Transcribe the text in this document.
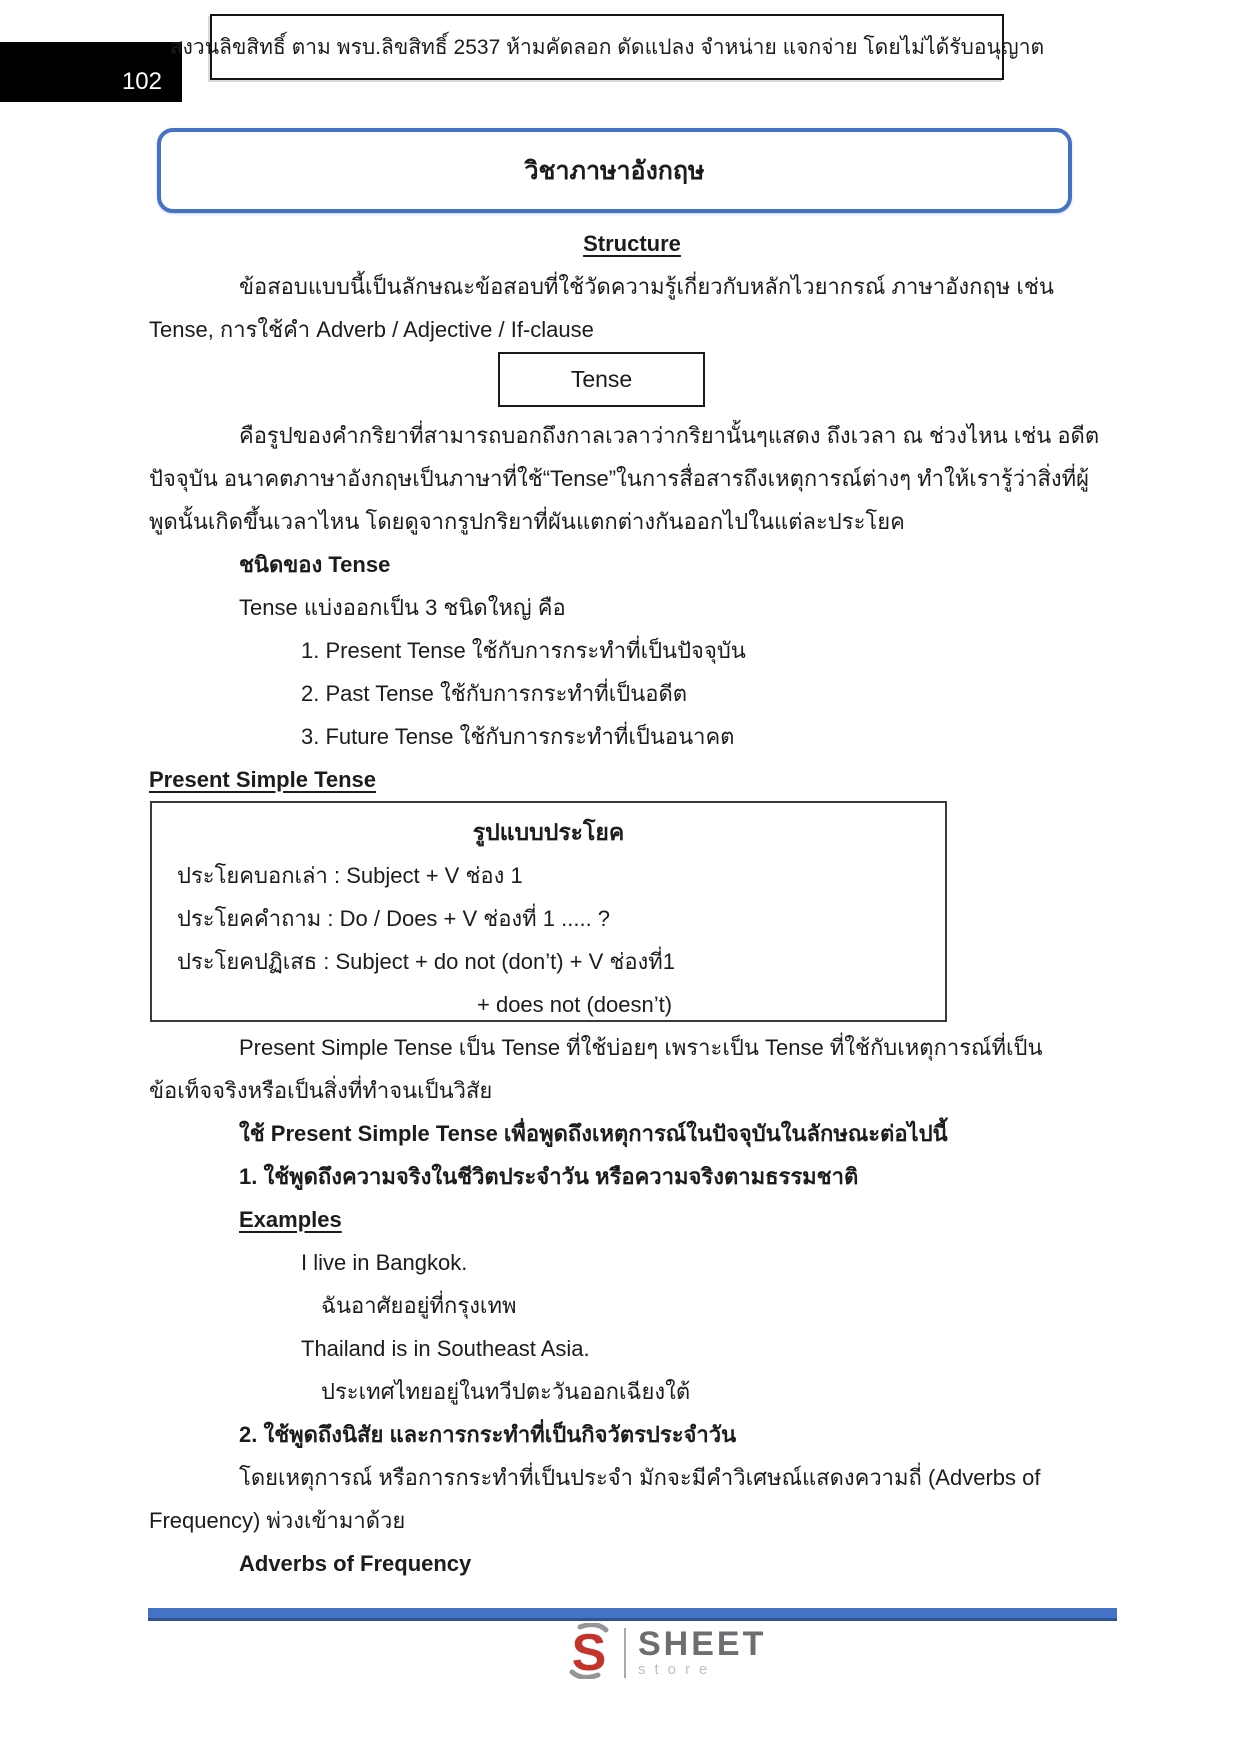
102
สงวนลิขสิทธิ์ ตาม พรบ.ลิขสิทธิ์ 2537 ห้ามคัดลอก ดัดแปลง จำหน่าย แจกจ่าย โดยไม่ได้รับอนุญาต
วิชาภาษาอังกฤษ
Structure
ข้อสอบแบบนี้เป็นลักษณะข้อสอบที่ใช้วัดความรู้เกี่ยวกับหลักไวยากรณ์ ภาษาอังกฤษ เช่น
Tense, การใช้คำ Adverb / Adjective / If-clause
Tense
คือรูปของคำกริยาที่สามารถบอกถึงกาลเวลาว่ากริยานั้นๆแสดง ถึงเวลา ณ ช่วงไหน เช่น อดีต
ปัจจุบัน อนาคตภาษาอังกฤษเป็นภาษาที่ใช้“Tense”ในการสื่อสารถึงเหตุการณ์ต่างๆ ทำให้เรารู้ว่าสิ่งที่ผู้
พูดนั้นเกิดขึ้นเวลาไหน โดยดูจากรูปกริยาที่ผันแตกต่างกันออกไปในแต่ละประโยค
ชนิดของ Tense
Tense แบ่งออกเป็น 3 ชนิดใหญ่ คือ
1. Present Tense ใช้กับการกระทำที่เป็นปัจจุบัน
2. Past Tense ใช้กับการกระทำที่เป็นอดีต
3. Future Tense ใช้กับการกระทำที่เป็นอนาคต
Present Simple Tense
รูปแบบประโยค
ประโยคบอกเล่า : Subject + V ช่อง 1
ประโยคคำถาม : Do / Does + V ช่องที่ 1 ..... ?
ประโยคปฏิเสธ : Subject + do not (don’t) + V ช่องที่1
+ does not (doesn’t)
Present Simple Tense เป็น Tense ที่ใช้บ่อยๆ เพราะเป็น Tense ที่ใช้กับเหตุการณ์ที่เป็น
ข้อเท็จจริงหรือเป็นสิ่งที่ทำจนเป็นวิสัย
ใช้ Present Simple Tense เพื่อพูดถึงเหตุการณ์ในปัจจุบันในลักษณะต่อไปนี้
1. ใช้พูดถึงความจริงในชีวิตประจำวัน หรือความจริงตามธรรมชาติ
Examples
I live in Bangkok.
ฉันอาศัยอยู่ที่กรุงเทพ
Thailand is in Southeast Asia.
ประเทศไทยอยู่ในทวีปตะวันออกเฉียงใต้
2. ใช้พูดถึงนิสัย และการกระทำที่เป็นกิจวัตรประจำวัน
โดยเหตุการณ์ หรือการกระทำที่เป็นประจำ มักจะมีคำวิเศษณ์แสดงความถี่ (Adverbs of
Frequency) พ่วงเข้ามาด้วย
Adverbs of Frequency
S SHEET
store
